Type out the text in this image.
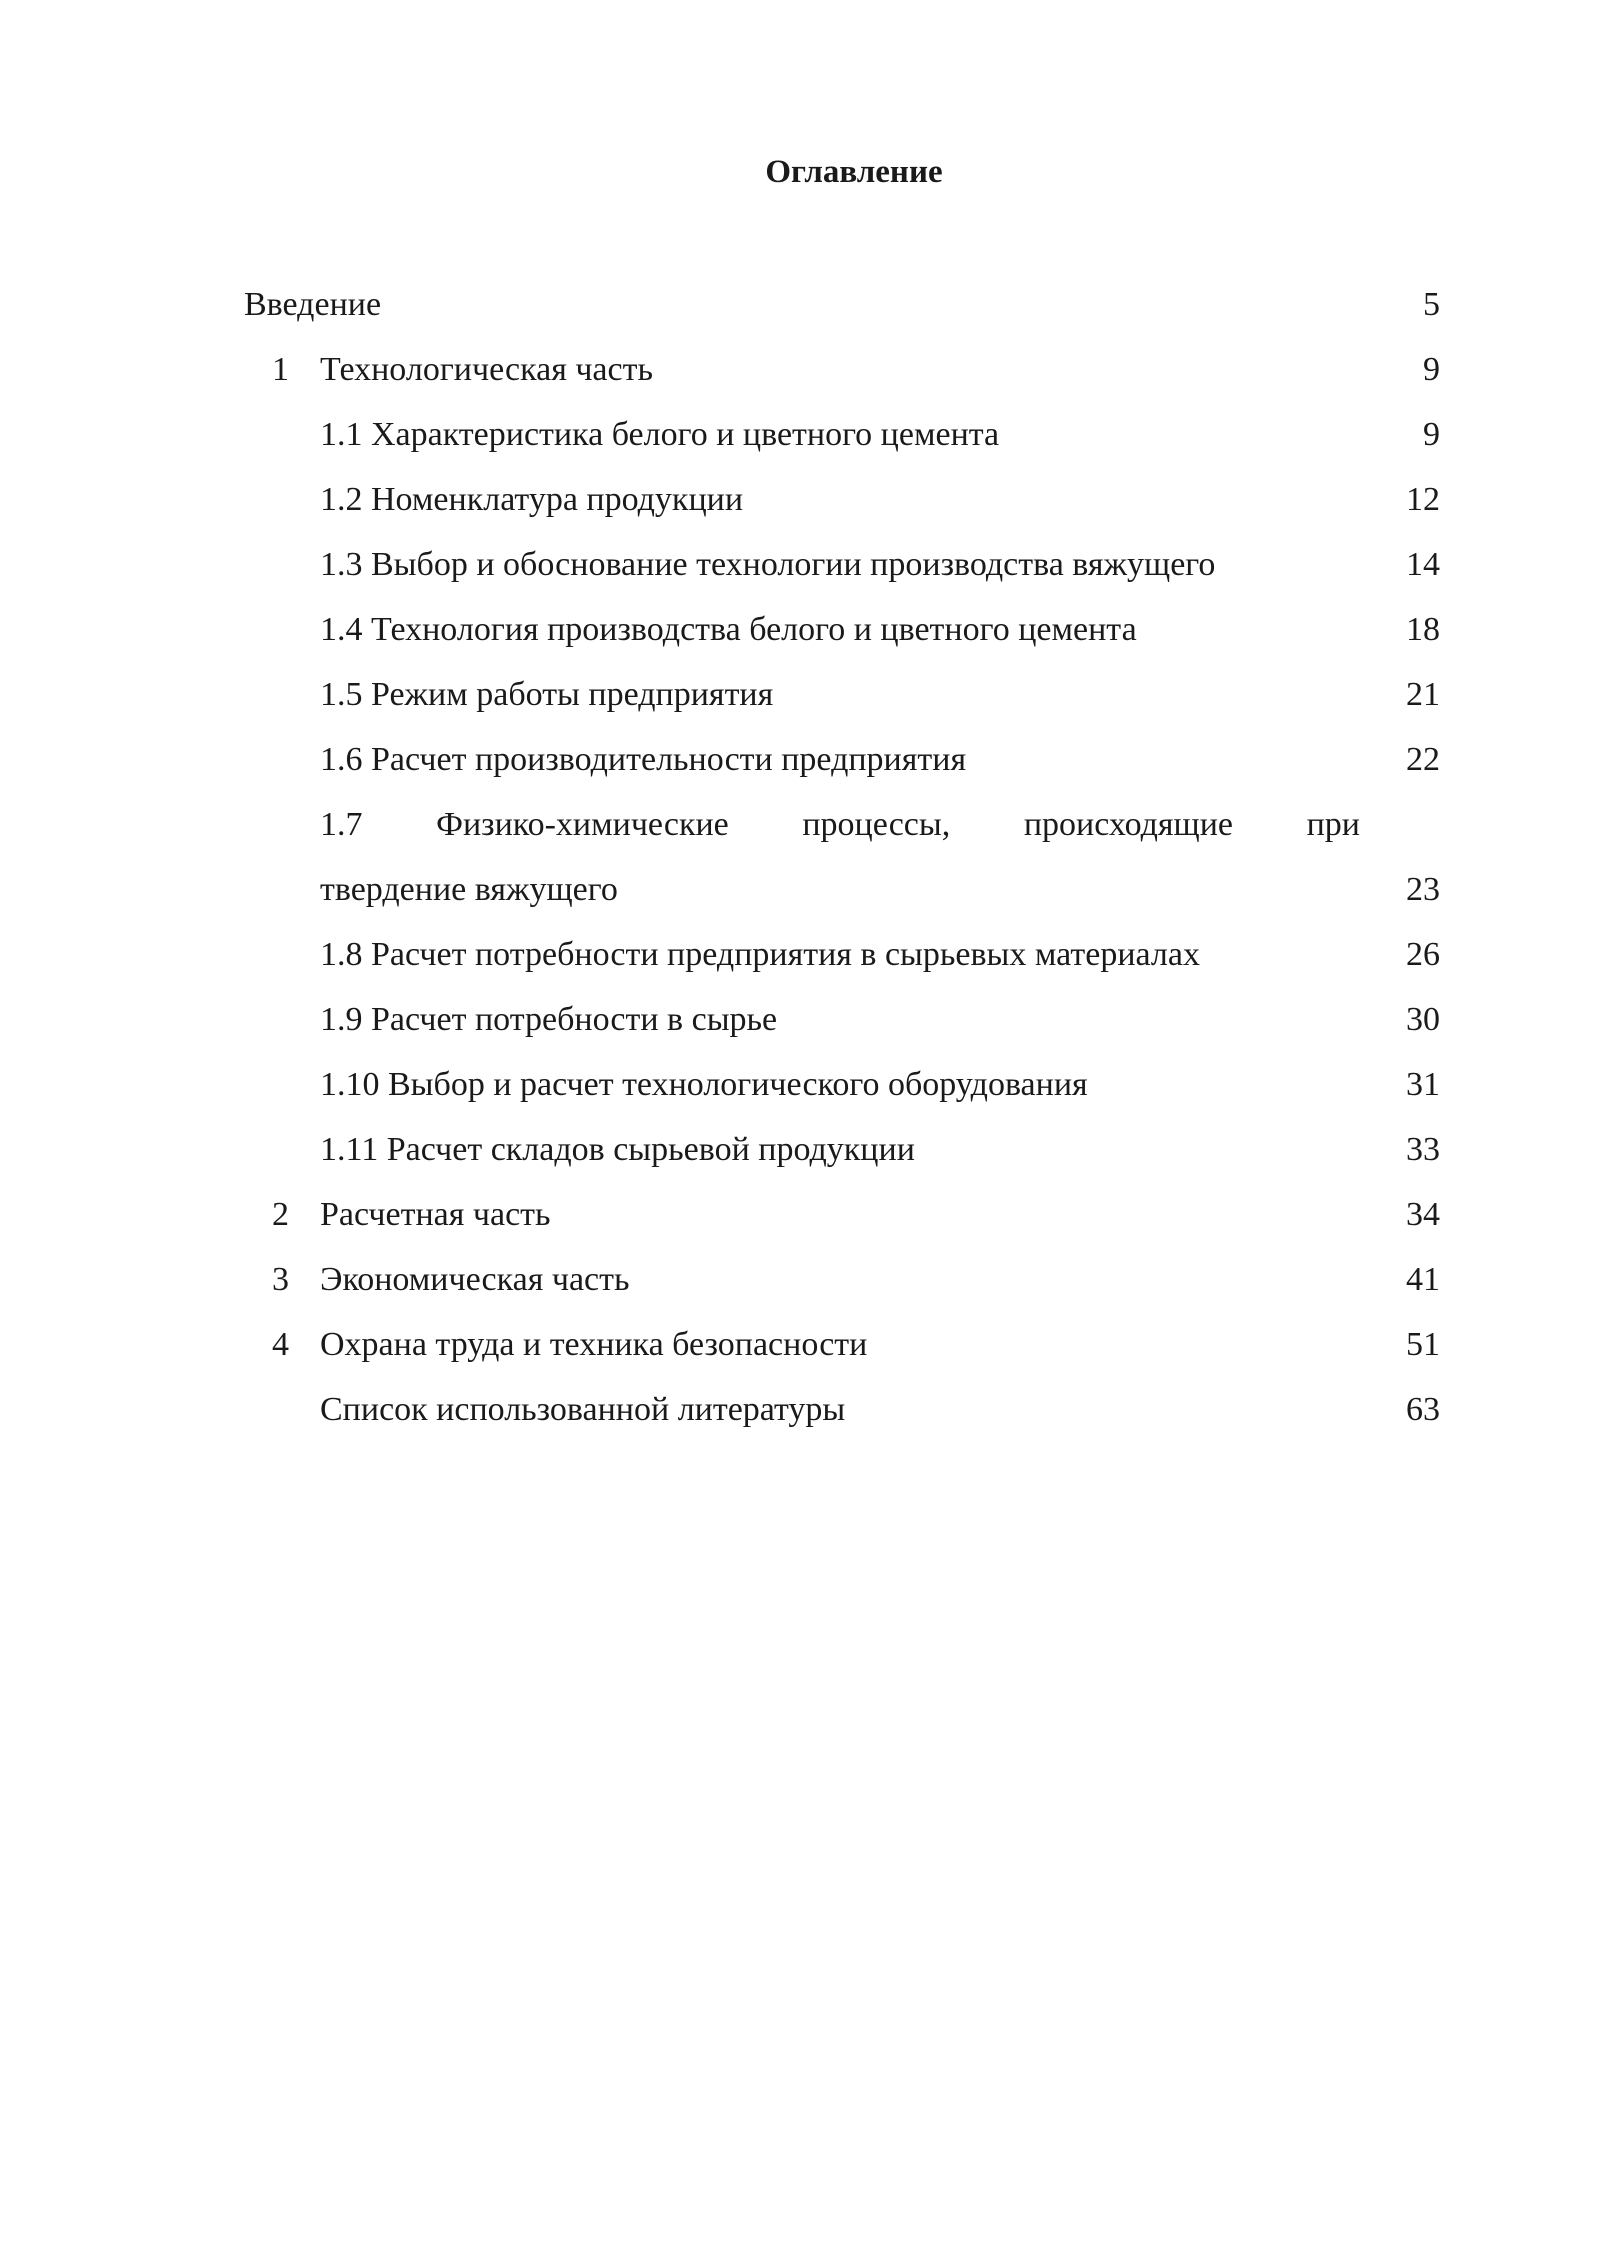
Оглавление
Введение	5
1 Технологическая часть	9
1.1 Характеристика белого и цветного цемента	9
1.2 Номенклатура продукции	12
1.3 Выбор и обоснование технологии производства вяжущего	14
1.4 Технология производства белого и цветного цемента	18
1.5 Режим работы предприятия	21
1.6 Расчет производительности предприятия	22
1.7 Физико-химические процессы, происходящие при
твердение вяжущего	23
1.8 Расчет потребности предприятия в сырьевых материалах	26
1.9 Расчет потребности в сырье	30
1.10 Выбор и расчет технологического оборудования	31
1.11 Расчет складов сырьевой продукции	33
2 Расчетная часть	34
3 Экономическая часть	41
4 Охрана труда и техника безопасности	51
Список использованной литературы	63
